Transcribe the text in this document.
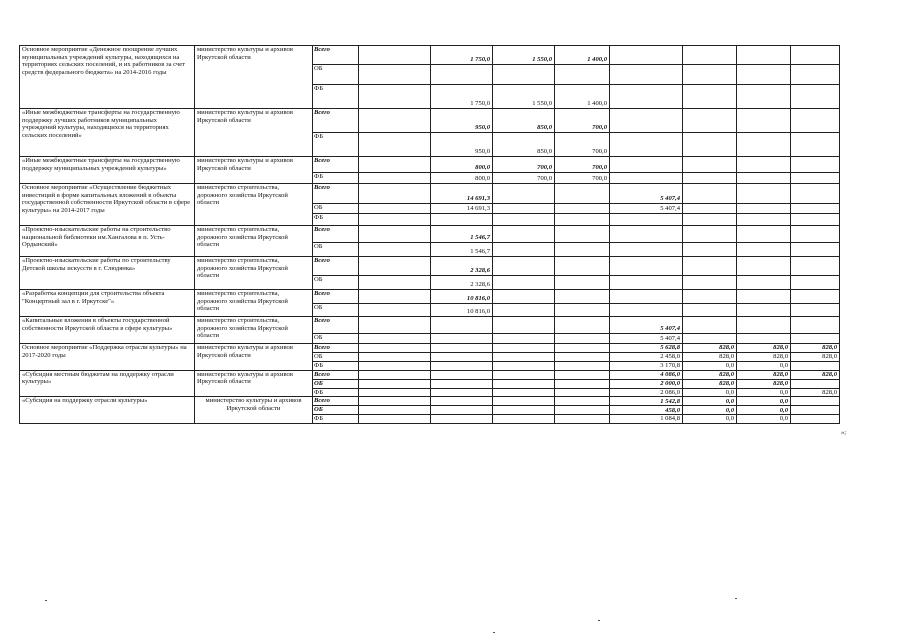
Основное мероприятие «Денежное поощрение лучших муниципальных учреждений культуры, находящихся на территориях сельских поселений, и их работников за счет средств федерального бюджета» на 2014-2016 годы	министерство культуры и архивов Иркутской области	Всего		1 750,0	1 550,0	1 400,0				
		ОБ								
		ФБ		1 750,0	1 550,0	1 400,0				
«Иные межбюджетные трансферты на государственную поддержку лучших работников муниципальных учреждений культуры, находящихся на территориях сельских поселений»	министерство культуры и архивов Иркутской области	Всего		950,0	850,0	700,0				
		ФБ		950,0	850,0	700,0				
«Иные межбюджетные трансферты на государственную поддержку муниципальных учреждений культуры»	министерство культуры и архивов Иркутской области	Всего		800,0	700,0	700,0				
		ФБ		800,0	700,0	700,0				
Основное мероприятие «Осуществление бюджетных инвестиций в форме капитальных вложений в объекты государственной собственности Иркутской области в сфере культуры» на 2014-2017 годы	министерство строительства, дорожного хозяйства Иркутской области	Всего		14 691,3			5 407,4			
		ОБ		14 691,3			5 407,4			
		ФБ								
«Проектно-изыскательские работы на строительство национальной библиотеки им.Хангалова в п. Усть-Ордынский»	министерство строительства, дорожного хозяйства Иркутской области	Всего		1 546,7						
		ОБ		1 546,7						
«Проектно-изыскательские работы по строительству Детской школы искусств в г. Слюдянка»	министерство строительства, дорожного хозяйства Иркутской области	Всего		2 328,6						
		ОБ		2 328,6						
«Разработка концепции для строительства объекта "Концертный зал в г. Иркутске"»	министерство строительства, дорожного хозяйства Иркутской области	Всего		10 816,0						
		ОБ		10 816,0						
«Капитальные вложения в объекты государственной собственности Иркутской области в сфере культуры»	министерство строительства, дорожного хозяйства Иркутской области	Всего					5 407,4			
		ОБ					5 407,4			
Основное мероприятие «Поддержка отрасли культуры» на 2017-2020 годы	министерство культуры и архивов Иркутской области	Всего					5 628,8	828,0	828,0	828,0
		ОБ					2 458,0	828,0	828,0	828,0
		ФБ					3 170,8	0,0	0,0	
«Субсидия местным бюджетам на поддержку отрасли культуры»	министерство культуры и архивов Иркутской области	Всего					4 086,0	828,0	828,0	828,0
		ОБ					2 000,0	828,0	828,0	
		ФБ					2 086,0	0,0	0,0	828,0
«Субсидия на поддержку отрасли культуры»	министерство культуры и архивов Иркутской области	Всего					1 542,8	0,0	0,0	
		ОБ					458,0	0,0	0,0	
		ФБ					1 084,8	0,0	0,0	
»;
